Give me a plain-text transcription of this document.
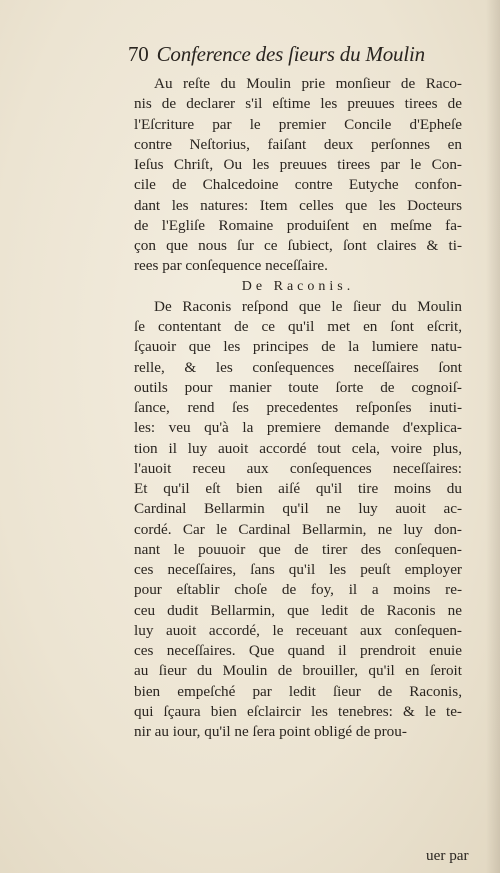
70 Conference des ſieurs du Moulin
Au reſte du Moulin prie monſieur de Raco-
nis de declarer s'il eſtime les preuues tirees de
l'Eſcriture par le premier Concile d'Epheſe
contre Neſtorius, faiſant deux perſonnes en
Ieſus Chriſt, Ou les preuues tirees par le Con-
cile de Chalcedoine contre Eutyche confon-
dant les natures: Item celles que les Docteurs
de l'Egliſe Romaine produiſent en meſme fa-
çon que nous ſur ce ſubiect, ſont claires & ti-
rees par conſequence neceſſaire.
De Raconis.
De Raconis reſpond que le ſieur du Moulin
ſe contentant de ce qu'il met en ſont eſcrit,
ſçauoir que les principes de la lumiere natu-
relle, & les conſequences neceſſaires ſont
outils pour manier toute ſorte de cognoiſ-
ſance, rend ſes precedentes reſponſes inuti-
les: veu qu'à la premiere demande d'explica-
tion il luy auoit accordé tout cela, voire plus,
l'auoit receu aux conſequences neceſſaires:
Et qu'il eſt bien aiſé qu'il tire moins du
Cardinal Bellarmin qu'il ne luy auoit ac-
cordé. Car le Cardinal Bellarmin, ne luy don-
nant le pouuoir que de tirer des conſequen-
ces neceſſaires, ſans qu'il les peuſt employer
pour eſtablir choſe de foy, il a moins re-
ceu dudit Bellarmin, que ledit de Raconis ne
luy auoit accordé, le receuant aux conſequen-
ces neceſſaires. Que quand il prendroit enuie
au ſieur du Moulin de brouiller, qu'il en ſeroit
bien empeſché par ledit ſieur de Raconis,
qui ſçaura bien eſclaircir les tenebres: & le te-
nir au iour, qu'il ne ſera point obligé de prou-
uer par
